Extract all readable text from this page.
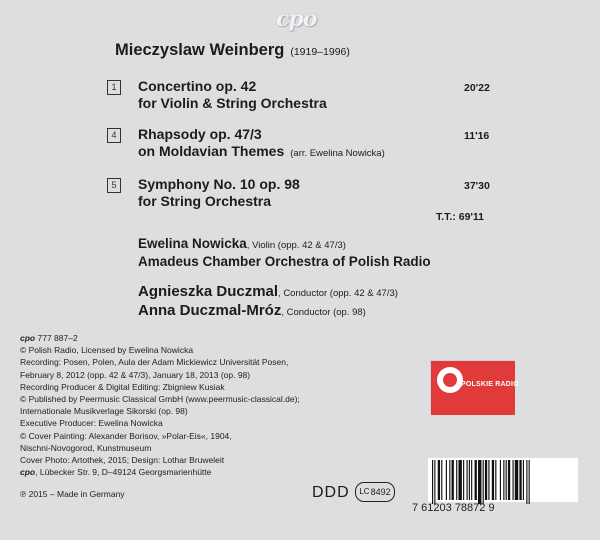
cpo
Mieczyslaw Weinberg (1919–1996)
1	Concertino op. 42
for Violin & String Orchestra
20'22
4	Rhapsody op. 47/3
on Moldavian Themes (arr. Ewelina Nowicka)
11'16
5	Symphony No. 10 op. 98
for String Orchestra
37'30
T.T.: 69'11
Ewelina Nowicka, Violin (opp. 42 & 47/3)
Amadeus Chamber Orchestra of Polish Radio
Agnieszka Duczmal, Conductor (opp. 42 & 47/3)
Anna Duczmal-Mróz, Conductor (op. 98)
cpo 777 887–2
© Polish Radio, Licensed by Ewelina Nowicka
Recording: Posen, Polen, Aula der Adam Mickiewicz Universität Posen,
February 8, 2012 (opp. 42 & 47/3), January 18, 2013 (op. 98)
Recording Producer & Digital Editing: Zbigniew Kusiak
© Published by Peermusic Classical GmbH (www.peermusic-classical.de);
Internationale Musikverlage Sikorski (op. 98)
Executive Producer: Ewelina Nowicka
© Cover Painting: Alexander Borisov, »Polar-Eis«, 1904,
Nischni-Novogorod, Kunstmuseum
Cover Photo: Artothek, 2015; Design: Lothar Bruweleit
cpo, Lübecker Str. 9, D–49124 Georgsmarienhütte
℗ 2015 – Made in Germany
POLSKIE RADIO
DDD LC 8492
7 61203 78872 9
